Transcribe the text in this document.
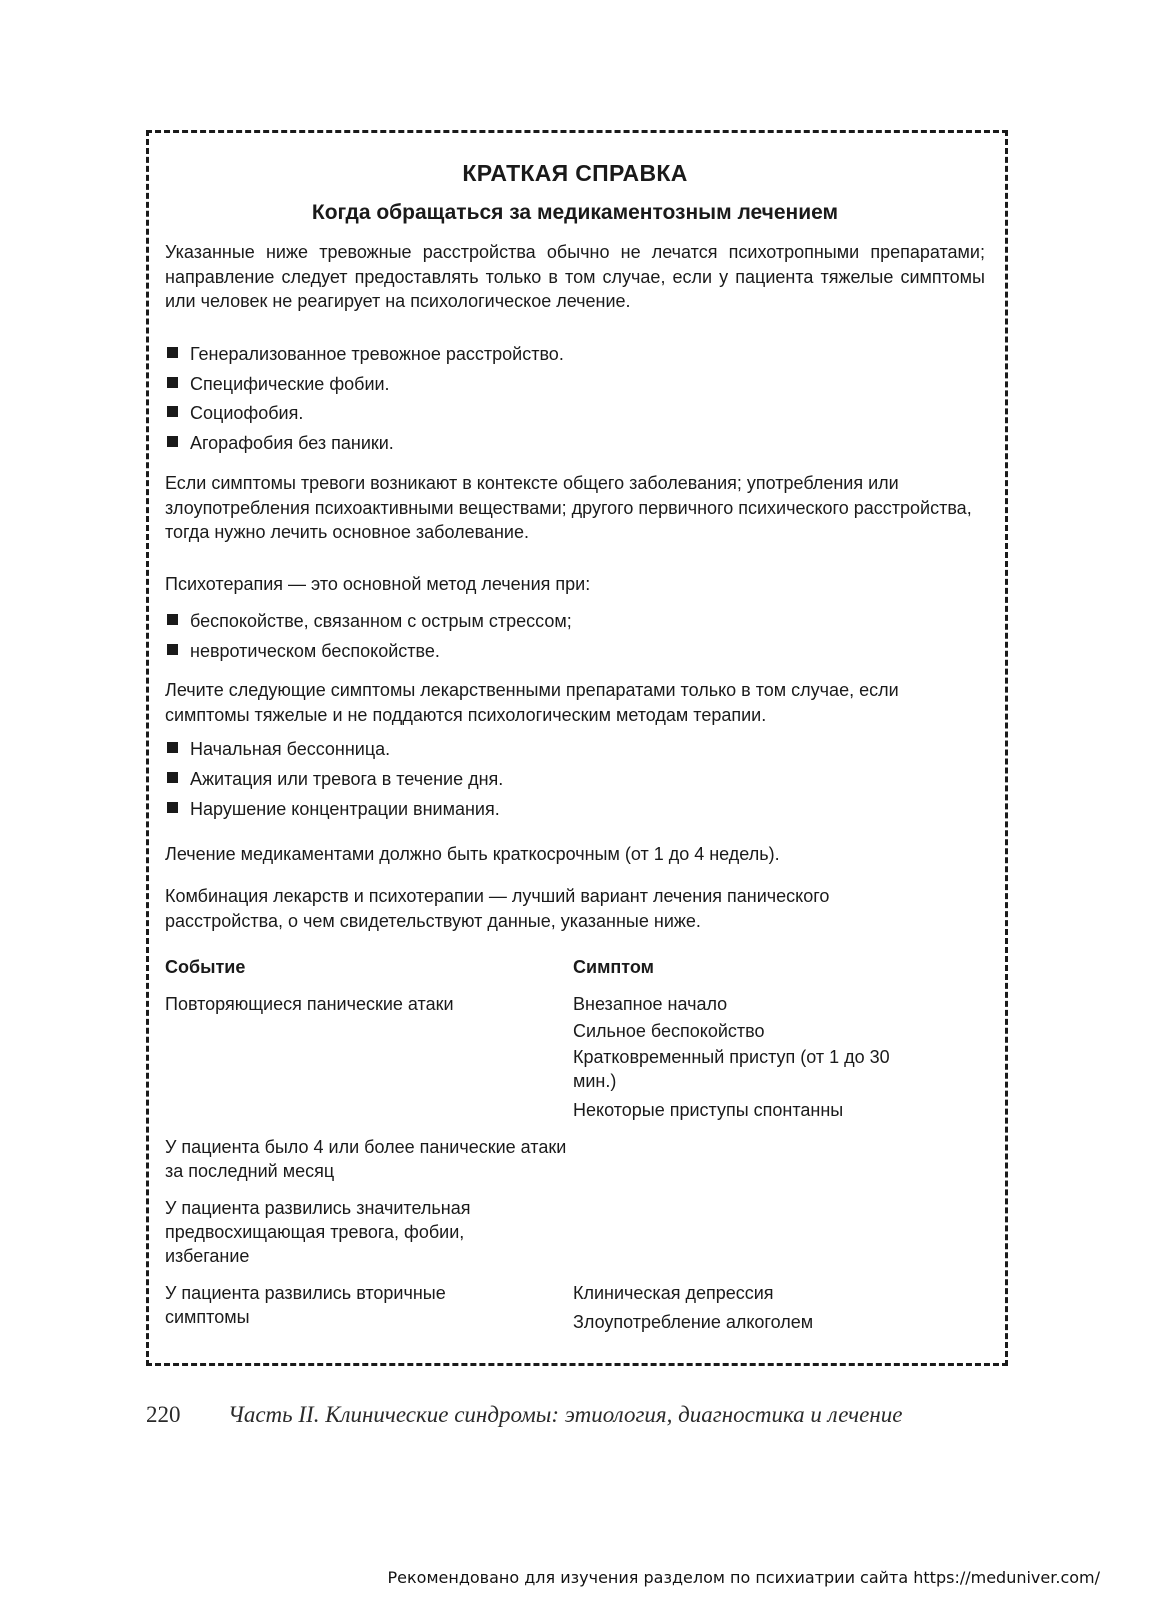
КРАТКАЯ СПРАВКА
Когда обращаться за медикаментозным лечением
Указанные ниже тревожные расстройства обычно не лечатся психотропными препаратами; направление следует предоставлять только в том случае, если у пациента тяжелые симптомы или человек не реагирует на психологическое лечение.
Генерализованное тревожное расстройство.
Специфические фобии.
Социофобия.
Агорафобия без паники.
Если симптомы тревоги возникают в контексте общего заболевания; употребления или злоупотребления психоактивными веществами; другого первичного психического расстройства, тогда нужно лечить основное заболевание.
Психотерапия — это основной метод лечения при:
беспокойстве, связанном с острым стрессом;
невротическом беспокойстве.
Лечите следующие симптомы лекарственными препаратами только в том случае, если симптомы тяжелые и не поддаются психологическим методам терапии.
Начальная бессонница.
Ажитация или тревога в течение дня.
Нарушение концентрации внимания.
Лечение медикаментами должно быть краткосрочным (от 1 до 4 недель).
Комбинация лекарств и психотерапии — лучший вариант лечения панического расстройства, о чем свидетельствуют данные, указанные ниже.
Событие	Симптом
Повторяющиеся панические атаки	Внезапное начало
Сильное беспокойство
Кратковременный приступ (от 1 до 30 мин.)
Некоторые приступы спонтанны
У пациента было 4 или более панические атаки за последний месяц
У пациента развились значительная предвосхищающая тревога, фобии, избегание
У пациента развились вторичные симптомы
Клиническая депрессия
Злоупотребление алкоголем
220 Часть II. Клинические синдромы: этиология, диагностика и лечение
Рекомендовано для изучения разделом по психиатрии сайта https://meduniver.com/
